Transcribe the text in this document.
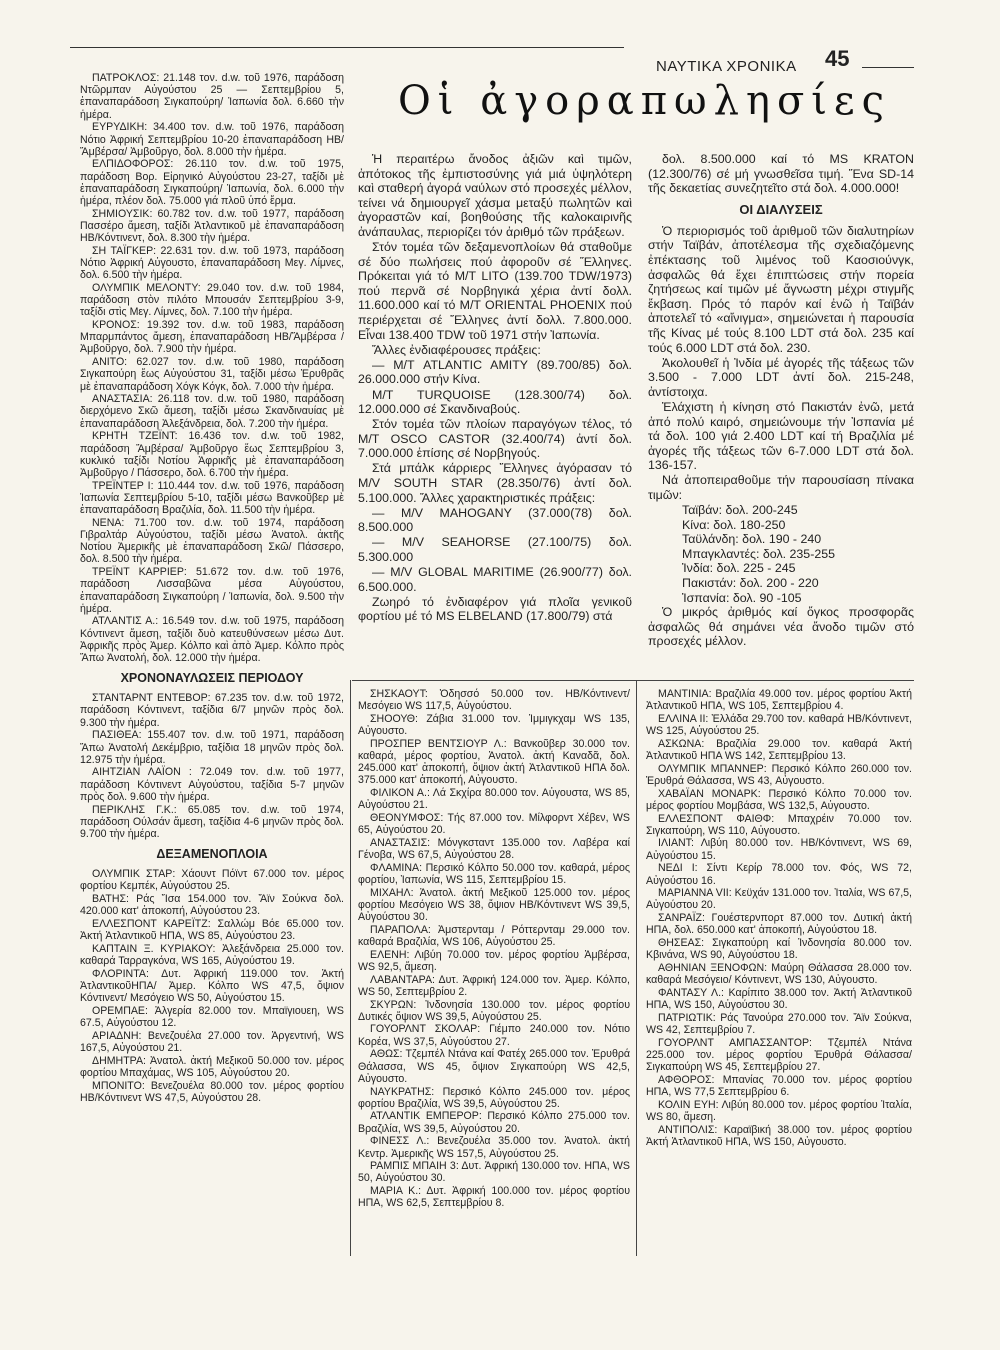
ΝΑΥΤΙΚΑ ΧΡΟΝΙΚΑ 45
Οἱ ἀγοραπωλησίες

ΠΑΤΡΟΚΛΟΣ: 21.148 τον. d.w. τοῦ 1976, παράδοση Ντῶρμπαν Αὐγούστου 25 — Σεπτεμβρίου 5, ἐπαναπαράδοση Σιγκαπούρη/ Ἰαπωνία δολ. 6.660 τὴν ἡμέρα.

ΕΥΡΥΔΙΚΗ: 34.400 τον. d.w. τοῦ 1976, παράδοση Νότιο Ἀφρική Σεπτεμβρίου 10-20 ἐπαναπαράδοση ΗΒ/ Ἄμβέρσα/ Ἀμβοῦργο, δολ. 8.000 τὴν ἡμέρα.

ΕΛΠΙΔΟΦΟΡΟΣ: 26.110 τον. d.w. τοῦ 1975, παράδοση Βορ. Εἰρηνικό Αὐγούστου 23-27, ταξίδι μὲ ἐπαναπαράδοση Σιγκαπούρη/ Ἰαπωνία, δολ. 6.000 τὴν ἡμέρα, πλέον δολ. 75.000 γιά πλοῦ ὑπό ἔρμα.

ΣΗΜΙΟΥΣΙΚ: 60.782 τον. d.w. τοῦ 1977, παράδοση Πασσέρο ἄμεση, ταξίδι Ἀτλαντικοῦ μὲ ἐπαναπαράδοση ΗΒ/Κόντινεντ, δολ. 8.300 τὴν ἡμέρα.

ΣΗ ΤΑΪΓΚΕΡ: 22.631 τον. d.w. τοῦ 1973, παράδοση Νότιο Ἀφρική Αὐγουστο, ἐπαναπαράδοση Μεγ. Λίμνες, δολ. 6.500 τὴν ἡμέρα.

ΟΛΥΜΠΙΚ ΜΕΛΟΝΤΥ: 29.040 τον. d.w. τοῦ 1984, παράδοση στὸν πιλότο Μπουσάν Σεπτεμβρίου 3-9, ταξίδι στὶς Μεγ. Λίμνες, δολ. 7.100 τὴν ἡμέρα.

ΚΡΟΝΟΣ: 19.392 τον. d.w. τοῦ 1983, παράδοση Μπαρμπάντος ἄμεση, ἐπαναπαράδοση ΗΒ/Ἄμβέρσα / Ἀμβοῦργο, δολ. 7.900 τὴν ἡμέρα.

ΑΝΙΤΟ: 62.027 τον. d.w. τοῦ 1980, παράδοση Σιγκαπούρη ἕως Αὐγούστου 31, ταξίδι μέσω Ἐρυθρᾶς μὲ ἐπαναπαράδοση Χόγκ Κόγκ, δολ. 7.000 τὴν ἡμέρα.

ΑΝΑΣΤΑΣΙΑ: 26.118 τον. d.w. τοῦ 1980, παράδοση διερχόμενο Σκῶ ἄμεση, ταξίδι μέσω Σκανδιναυίας μὲ ἐπαναπαράδοση Ἀλεξάνδρεια, δολ. 7.200 τὴν ἡμέρα.

ΚΡΗΤΗ ΤΖΕΪΝΤ: 16.436 τον. d.w. τοῦ 1982, παράδοση Ἄμβέρσα/ Ἀμβοῦργο ἕως Σεπτεμβρίου 3, κυκλικό ταξίδι Νοτίου Ἀφρικῆς μὲ ἐπαναπαράδοση Ἀμβοῦργο / Πάσσερο, δολ. 6.700 τὴν ἡμέρα.

ΤΡΕΪΝΤΕΡ Ι: 110.444 τον. d.w. τοῦ 1976, παράδοση Ἰαπωνία Σεπτεμβρίου 5-10, ταξίδι μέσω Βανκοῦβερ μὲ ἐπαναπαράδοση Βραζιλία, δολ. 11.500 τὴν ἡμέρα.

ΝΕΝΑ: 71.700 τον. d.w. τοῦ 1974, παράδοση Γιβραλτάρ Αὐγούστου, ταξίδι μέσω Ἀνατολ. ἀκτῆς Νοτίου Ἀμερικῆς μὲ ἐπαναπαράδοση Σκῶ/ Πάσσερο, δολ. 8.500 τὴν ἡμέρα.

ΤΡΕΪΝΤ ΚΑΡΡΙΕΡ: 51.672 τον. d.w. τοῦ 1976, παράδοση Λισσαβῶνα μέσα Αὐγούστου, ἐπαναπαράδοση Σιγκαπούρη / Ἰαπωνία, δολ. 9.500 τὴν ἡμέρα.

ΑΤΛΑΝΤΙΣ Α.: 16.549 τον. d.w. τοῦ 1975, παράδοση Κόντινεντ ἄμεση, ταξίδι δυὸ κατευθύνσεων μέσω Δυτ. Ἀφρικῆς πρὸς Ἀμερ. Κόλπο καὶ ἀπὸ Ἀμερ. Κόλπο πρὸς Ἄπω Ἀνατολή, δολ. 12.000 τὴν ἡμέρα.

ΧΡΟΝΟΝΑΥΛΩΣΕΙΣ ΠΕΡΙΟΔΟΥ

ΣΤΑΝΤΑΡΝΤ ΕΝΤΕΒΟΡ: 67.235 τον. d.w. τοῦ 1972, παράδοση Κόντινεντ, ταξίδια 6/7 μηνῶν πρὸς δολ. 9.300 τὴν ἡμέρα.

ΠΑΣΙΘΕΑ: 155.407 τον. d.w. τοῦ 1971, παράδοση Ἄπω Ἀνατολή Δεκέμβριο, ταξίδια 18 μηνῶν πρὸς δολ. 12.975 τὴν ἡμέρα.

ΑΙΗΤΖΙΑΝ ΛΑΪΟΝ : 72.049 τον. d.w. τοῦ 1977, παράδοση Κόντινεντ Αὐγούστου, ταξίδια 5-7 μηνῶν πρὸς δολ. 9.600 τὴν ἡμέρα.

ΠΕΡΙΚΛΗΣ Γ.Κ.: 65.085 τον. d.w. τοῦ 1974, παράδοση Ούλσάν ἄμεση, ταξίδια 4-6 μηνῶν πρὸς δολ. 9.700 τὴν ἡμέρα.

ΔΕΞΑΜΕΝΟΠΛΟΙΑ

ΟΛΥΜΠΙΚ ΣΤΑΡ: Χάουντ Πόϊντ 67.000 τον. μέρος φορτίου Κεμπέκ, Αὐγούστου 25.

ΒΑΤΗΣ: Ράς Ἴσα 154.000 τον. Ἄϊν Σούκνα δολ. 420.000 κατ' ἀποκοπή, Αὐγούστου 23.

ΕΛΛΕΣΠΟΝΤ ΚΑΡΕΪΤΖ: Σαλλώμ Βόε 65.000 τον. Ἀκτή Ἀτλαντικοῦ ΗΠΑ, WS 85, Αὐγούστου 23.

ΚΑΠΤΑΙΝ Ξ. ΚΥΡΙΑΚΟΥ: Ἀλεξάνδρεια 25.000 τον. καθαρά Ταρραγκόνα, WS 165, Αὐγούστου 19.

ΦΛΟΡΙΝΤΑ: Δυτ. Ἀφρική 119.000 τον. Ἀκτή ἈτλαντικοῦΗΠΑ/ Ἀμερ. Κόλπο WS 47,5, ὄψιον Κόντινεντ/ Μεσόγειο WS 50, Αὐγούστου 15.

ΟΡΕΜΠΑΕ: Ἀλγερία 82.000 τον. Μπαϊγιουεη, WS 67.5, Αὐγούστου 12.

ΑΡΙΑΔΝΗ: Βενεζουέλα 27.000 τον. Ἀργεντινή, WS 167,5, Αὐγούστου 21.

ΔΗΜΗΤΡΑ: Ἀνατολ. ἀκτή Μεξικοῦ 50.000 τον. μέρος φορτίου Μπαχάμας, WS 105, Αὐγούστου 20.

ΜΠΟΝΙΤΟ: Βενεζουέλα 80.000 τον. μέρος φορτίου ΗΒ/Κόντινεντ WS 47,5, Αὐγούστου 28.

Ἡ περαιτέρω ἄνοδος ἀξιῶν καὶ τιμῶν, ἀπότοκος τῆς ἐμπιστοσύνης γιά μιά ὑψηλότερη καὶ σταθερή ἀγορά ναύλων στό προσεχές μέλλον, τείνει νά δημιουργεῖ χάσμα μεταξύ πωλητῶν καὶ ἀγοραστῶν καί, βοηθούσης τῆς καλοκαιρινῆς ἀνάπαυλας, περιορίζει τόν ἀριθμό τῶν πράξεων.

Στόν τομέα τῶν δεξαμενοπλοίων θά σταθοῦμε σέ δύο πωλήσεις πού ἀφοροῦν σέ Ἕλληνες. Πρόκειται γιά τό Μ/Τ LITO (139.700 TDW/1973) πού περνᾶ σέ Νορβηγικά χέρια ἀντί δολλ. 11.600.000 καί τό Μ/Τ ORIENTAL PHOENIX πού περιέρχεται σέ Ἕλληνες ἀντί δολλ. 7.800.000. Εἶναι 138.400 TDW τοῦ 1971 στήν Ἰαπωνία.

Ἄλλες ἐνδιαφέρουσες πράξεις:

— Μ/Τ ATLANTIC AMITY (89.700/85) δολ. 26.000.000 στήν Κίνα.

Μ/Τ TURQUOISE (128.300/74) δολ. 12.000.000 σέ Σκανδιναβούς.

Στόν τομέα τῶν πλοίων παραγόγων τέλος, τό Μ/Τ OSCO CASTOR (32.400/74) ἀντί δολ. 7.000.000 ἐπίσης σέ Νορβηγούς.

Στά μπάλκ κάρριερς Ἕλληνες ἀγόρασαν τό M/V SOUTH STAR (28.350/76) ἀντί δολ. 5.100.000. Ἄλλες χαρακτηριστικές πράξεις:

— M/V MAHOGANY (37.000(78) δολ. 8.500.000

— M/V SEAHORSE (27.100/75) δολ. 5.300.000

— M/V GLOBAL MARITIME (26.900/77) δολ. 6.500.000.

Ζωηρό τό ἐνδιαφέρον γιά πλοῖα γενικοῦ φορτίου μέ τό MS ELBELAND (17.800/79) στά

δολ. 8.500.000 καί τό MS KRATON (12.300/76) σέ μή γνωσθεῖσα τιμή. Ἕνα SD-14 τῆς δεκαετίας συνεζητεῖτο στά δολ. 4.000.000!

ΟΙ ΔΙΑΛΥΣΕΙΣ

Ὁ περιορισμός τοῦ ἀριθμοῦ τῶν διαλυτηρίων στήν Ταϊβάν, ἀποτέλεσμα τῆς σχεδιαζόμενης ἐπέκτασης τοῦ λιμένος τοῦ Καοσιούνγκ, ἀσφαλῶς θά ἔχει ἐπιπτώσεις στήν πορεία ζητήσεως καί τιμῶν μέ ἄγνωστη μέχρι στιγμῆς ἔκβαση. Πρός τό παρόν καί ἐνῶ ἡ Ταϊβάν ἀποτελεῖ τό «αἴνιγμα», σημειώνεται ἡ παρουσία τῆς Κίνας μέ τούς 8.100 LDT στά δολ. 235 καί τούς 6.000 LDT στά δολ. 230.

Ἀκολουθεῖ ἡ Ἰνδία μέ ἀγορές τῆς τάξεως τῶν 3.500 - 7.000 LDT ἀντί δολ. 215-248, ἀντίστοιχα.

Ἐλάχιστη ἡ κίνηση στό Πακιστάν ἐνῶ, μετά ἀπό πολύ καιρό, σημειώνουμε τήν Ἰσπανία μέ τά δολ. 100 γιά 2.400 LDT καί τή Βραζιλία μέ ἀγορές τῆς τάξεως τῶν 6-7.000 LDT στά δολ. 136-157.

Νά ἀποπειραθοῦμε τήν παρουσίαση πίνακα τιμῶν:

Ταϊβάν: δολ. 200-245

Κίνα: δολ. 180-250

Ταϋλάνδη: δολ. 190 - 240

Μπαγκλαντές: δολ. 235-255

Ἰνδία: δολ. 225 - 245

Πακιστάν: δολ. 200 - 220

Ἰσπανία: δολ. 90 -105

Ὁ μικρός ἀριθμός καί ὄγκος προσφορᾶς ἀσφαλῶς θά σημάνει νέα ἄνοδο τιμῶν στό προσεχές μέλλον.

ΣΗΣΚΑΟΥΤ: Ὀδησσό 50.000 τον. ΗΒ/Κόντινεντ/ Μεσόγειο WS 117,5, Αὐγούστου.

ΣΗΟΟΥΘ: Ζάβια 31.000 τον. Ἰμμιγκχαμ WS 135, Αὐγουστο.

ΠΡΟΣΠΕΡ ΒΕΝΤΣΙΟΥΡ Λ.: Βανκοῦβερ 30.000 τον. καθαρά, μέρος φορτίου, Ἀνατολ. ἀκτή Καναδᾶ, δολ. 245.000 κατ' ἀποκοπή, ὄψιον ἀκτή Ἀτλαντικοῦ ΗΠΑ δολ. 375.000 κατ' ἀποκοπή, Αὐγουστο.

ΦΙΛΙΚΟΝ Α.: Λά Σκχίρα 80.000 τον. Αὐγουστα, WS 85, Αὐγούστου 21.

ΘΕΟΝΥΜΦΟΣ: Τής 87.000 τον. Μίλφορντ Χέβεν, WS 65, Αὐγούστου 20.

ΑΝΑΣΤΑΣΙΣ: Μόνγκσταντ 135.000 τον. Λαβέρα καί Γένοβα, WS 67,5, Αὐγούστου 28.

ΦΛΑΜΙΝΑ: Περσικό Κόλπο 50.000 τον. καθαρά, μέρος φορτίου, Ἰαπωνία, WS 115, Σεπτεμβρίου 15.

ΜΙΧΑΗΛ: Ἀνατολ. ἀκτή Μεξικοῦ 125.000 τον. μέρος φορτίου Μεσόγειο WS 38, ὄψιον ΗΒ/Κόντινεντ WS 39,5, Αὐγούστου 30.

ΠΑΡΑΠΟΛΑ: Ἀμστερνταμ / Ρόττερνταμ 29.000 τον. καθαρά Βραζιλία, WS 106, Αὐγούστου 25.

ΕΛΕΝΗ: Λιβύη 70.000 τον. μέρος φορτίου Ἀμβέρσα, WS 92,5, ἄμεση.

ΛΑΒΑΝΤΑΡΑ: Δυτ. Ἀφρική 124.000 τον. Ἀμερ. Κόλπο, WS 50, Σεπτεμβρίου 2.

ΣΚΥΡΩΝ: Ἰνδονησία 130.000 τον. μέρος φορτίου Δυτικές ὄψιον WS 39,5, Αὐγούστου 25.

ΓΟΥΟΡΛΝΤ ΣΚΟΛΑΡ: Γιέμπο 240.000 τον. Νότιο Κορέα, WS 37,5, Αὐγούστου 27.

ΑΘΩΣ: Τζεμπέλ Ντάνα καί Φατέχ 265.000 τον. Ἐρυθρά Θάλασσα, WS 45, ὄψιον Σιγκαπούρη WS 42,5, Αὐγουστο.

ΝΑΥΚΡΑΤΗΣ: Περσικό Κόλπο 245.000 τον. μέρος φορτίου Βραζιλία, WS 39,5, Αὐγούστου 25.

ΑΤΛΑΝΤΙΚ ΕΜΠΕΡΟΡ: Περσικό Κόλπο 275.000 τον. Βραζιλία, WS 39,5, Αὐγούστου 20.

ΦΙΝΕΣΣ Λ.: Βενεζουέλα 35.000 τον. Ἀνατολ. ἀκτή Κεντρ. Ἀμερικῆς WS 157,5, Αὐγούστου 25.

ΡΑΜΠΙΣ ΜΠΑΙΗ 3: Δυτ. Ἀφρική 130.000 τον. ΗΠΑ, WS 50, Αὐγούστου 30.

ΜΑΡΙΑ Κ.: Δυτ. Ἀφρική 100.000 τον. μέρος φορτίου ΗΠΑ, WS 62,5, Σεπτεμβρίου 8.

ΜΑΝΤΙΝΙΑ: Βραζιλία 49.000 τον. μέρος φορτίου Ἀκτή Ἀτλαντικοῦ ΗΠΑ, WS 105, Σεπτεμβρίου 4.

ΕΛΛΙΝΑ ΙΙ: Ἐλλάδα 29.700 τον. καθαρά ΗΒ/Κόντινεντ, WS 125, Αὐγούστου 25.

ΑΣΚΩΝΑ: Βραζιλία 29.000 τον. καθαρά Ἀκτή Ἀτλαντικοῦ ΗΠΑ WS 142, Σεπτεμβρίου 13.

ΟΛΥΜΠΙΚ ΜΠΑΝΝΕΡ: Περσικό Κόλπο 260.000 τον. Ἐρυθρά Θάλασσα, WS 43, Αὐγουστο.

ΧΑΒΑΪΑΝ ΜΟΝΑΡΚ: Περσικό Κόλπο 70.000 τον. μέρος φορτίου Μομβάσα, WS 132,5, Αὐγουστο.

ΕΛΛΕΣΠΟΝΤ ΦΑΙΘΦ: Μπαχρέιν 70.000 τον. Σιγκαπούρη, WS 110, Αὐγουστο.

ΙΛΙΑΝΤ: Λιβύη 80.000 τον. ΗΒ/Κόντινεντ, WS 69, Αὐγούστου 15.

ΝΕΔΙ Ι: Σίντι Κερίρ 78.000 τον. Φός, WS 72, Αὐγούστου 16.

ΜΑΡΙΑΝΝΑ VII: Κεϋχάν 131.000 τον. Ἰταλία, WS 67,5, Αὐγούστου 20.

ΣΑΝΡΑΪΖ: Γουέστερνπορτ 87.000 τον. Δυτική ἀκτή ΗΠΑ, δολ. 650.000 κατ' ἀποκοπή, Αὐγούστου 18.

ΘΗΣΕΑΣ: Σιγκαπούρη καί Ἰνδονησία 80.000 τον. Κβινάνα, WS 90, Αὐγούστου 18.

ΑΘΗΝΙΑΝ ΞΕΝΟΦΩΝ: Μαύρη Θάλασσα 28.000 τον. καθαρά Μεσόγειο/ Κόντινεντ, WS 130, Αὐγουστο.

ΦΑΝΤΑΣΥ Λ.: Καρίπιτο 38.000 τον. Ἀκτή Ἀτλαντικοῦ ΗΠΑ, WS 150, Αὐγούστου 30.

ΠΑΤΡΙΩΤΙΚ: Ράς Τανούρα 270.000 τον. Ἄϊν Σούκνα, WS 42, Σεπτεμβρίου 7.

ΓΟΥΟΡΛΝΤ ΑΜΠΑΣΣΑΝΤΟΡ: Τζεμπέλ Ντάνα 225.000 τον. μέρος φορτίου Ἐρυθρά Θάλασσα/ Σιγκαπούρη WS 45, Σεπτεμβρίου 27.

ΑΦΘΟΡΟΣ: Μπανίας 70.000 τον. μέρος φορτίου ΗΠΑ, WS 77,5 Σεπτεμβρίου 6.

ΚΟΛΙΝ ΕΥΗ: Λιβύη 80.000 τον. μέρος φορτίου Ἰταλία, WS 80, ἄμεση.

ΑΝΤΙΠΟΛΙΣ: Καραϊβική 38.000 τον. μέρος φορτίου Ἀκτή Ἀτλαντικοῦ ΗΠΑ, WS 150, Αὐγουστο.
